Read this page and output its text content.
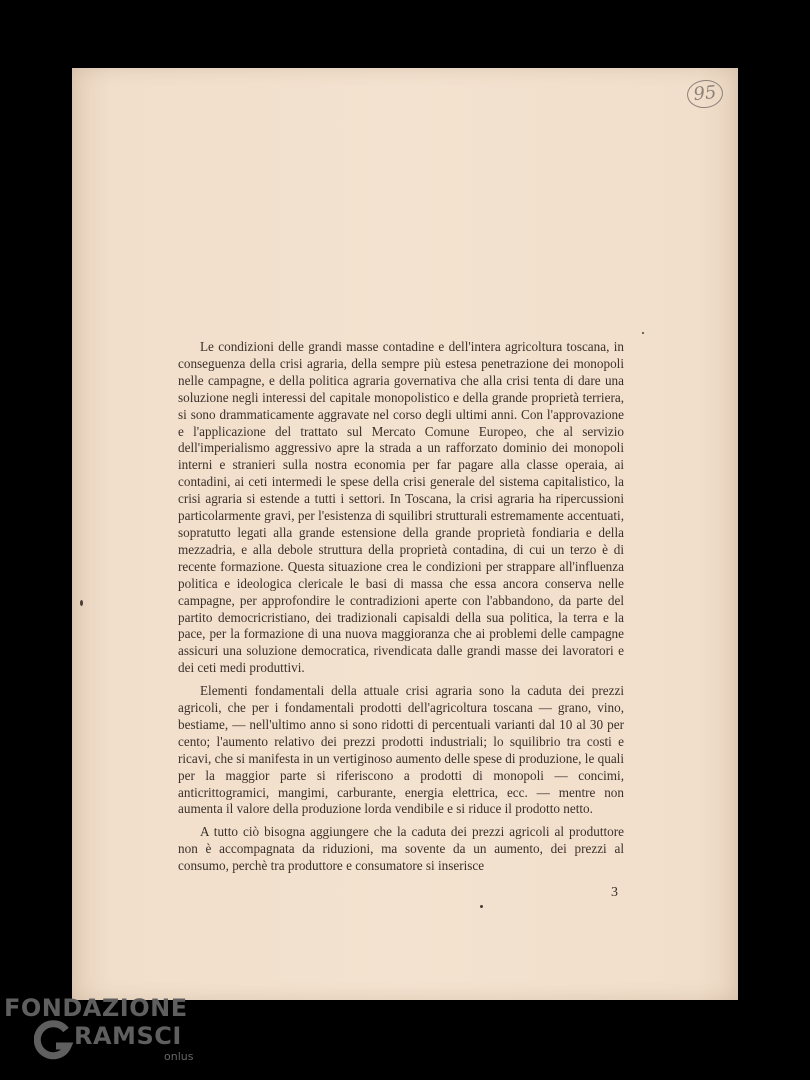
95

Le condizioni delle grandi masse contadine e dell'intera agricoltura toscana, in conseguenza della crisi agraria, della sempre più estesa penetrazione dei monopoli nelle campagne, e della politica agraria governativa che alla crisi tenta di dare una soluzione negli interessi del capitale monopolistico e della grande proprietà terriera, si sono drammaticamente aggravate nel corso degli ultimi anni. Con l'approvazione e l'applicazione del trattato sul Mercato Comune Europeo, che al servizio dell'imperialismo aggressivo apre la strada a un rafforzato dominio dei monopoli interni e stranieri sulla nostra economia per far pagare alla classe operaia, ai contadini, ai ceti intermedi le spese della crisi generale del sistema capitalistico, la crisi agraria si estende a tutti i settori. In Toscana, la crisi agraria ha ripercussioni particolarmente gravi, per l'esistenza di squilibri strutturali estremamente accentuati, sopratutto legati alla grande estensione della grande proprietà fondiaria e della mezzadria, e alla debole struttura della proprietà contadina, di cui un terzo è di recente formazione. Questa situazione crea le condizioni per strappare all'influenza politica e ideologica clericale le basi di massa che essa ancora conserva nelle campagne, per approfondire le contradizioni aperte con l'abbandono, da parte del partito democricristiano, dei tradizionali capisaldi della sua politica, la terra e la pace, per la formazione di una nuova maggioranza che ai problemi delle campagne assicuri una soluzione democratica, rivendicata dalle grandi masse dei lavoratori e dei ceti medi produttivi.

Elementi fondamentali della attuale crisi agraria sono la caduta dei prezzi agricoli, che per i fondamentali prodotti dell'agricoltura toscana — grano, vino, bestiame, — nell'ultimo anno si sono ridotti di percentuali varianti dal 10 al 30 per cento; l'aumento relativo dei prezzi prodotti industriali; lo squilibrio tra costi e ricavi, che si manifesta in un vertiginoso aumento delle spese di produzione, le quali per la maggior parte si riferiscono a prodotti di monopoli — concimi, anticrittogramici, mangimi, carburante, energia elettrica, ecc. — mentre non aumenta il valore della produzione lorda vendibile e si riduce il prodotto netto.

A tutto ciò bisogna aggiungere che la caduta dei prezzi agricoli al produttore non è accompagnata da riduzioni, ma sovente da un aumento, dei prezzi al consumo, perchè tra produttore e consumatore si inserisce

3
FONDAZIONE
RAMSCI
onlus
